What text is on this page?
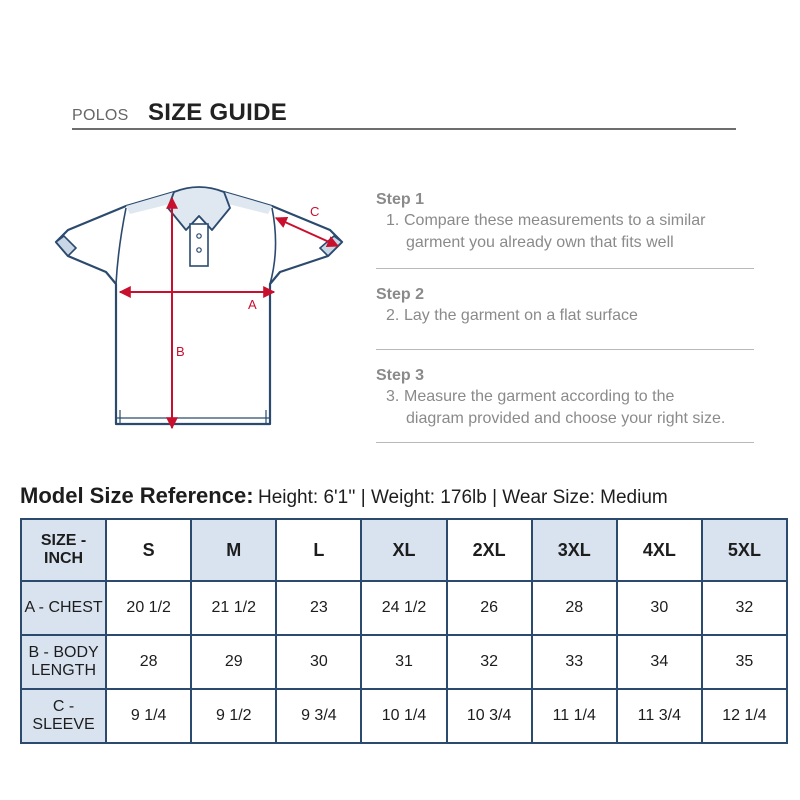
POLOS SIZE GUIDE
A
B
C
Step 1
1. Compare these measurements to a similar
garment you already own that fits well
Step 2
2. Lay the garment on a flat surface
Step 3
3. Measure the garment according to the
diagram provided and choose your right size.
Model Size Reference: Height: 6'1'' | Weight: 176lb | Wear Size: Medium
SIZE - INCH	S	M	L	XL	2XL	3XL	4XL	5XL
A - CHEST	20 1/2	21 1/2	23	24 1/2	26	28	30	32
B - BODY LENGTH	28	29	30	31	32	33	34	35
C - SLEEVE	9 1/4	9 1/2	9 3/4	10 1/4	10 3/4	11 1/4	11 3/4	12 1/4
